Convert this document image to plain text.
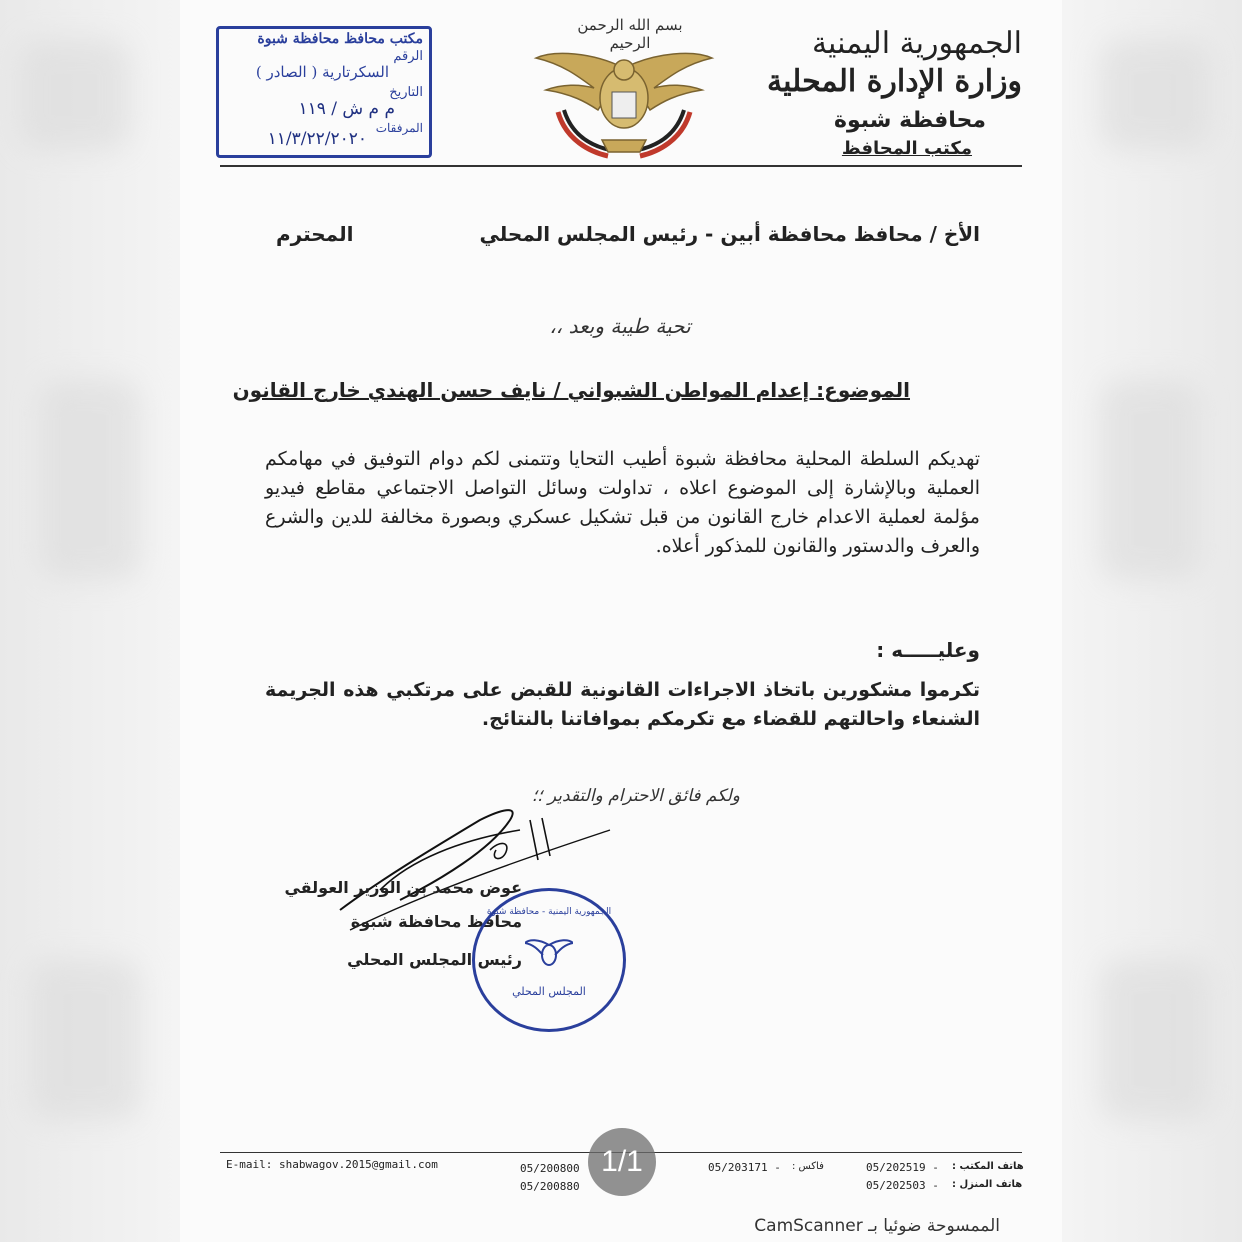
الجمهورية اليمنية
وزارة الإدارة المحلية
محافظة شبوة
مكتب المحافظ
بسم الله الرحمن الرحيم
مكتب محافظ محافظة شبوة
الرقم
السكرتارية ( الصادر )
التاريخ
م م ش / ١١٩
المرفقات
١١/٣/٢٢/٢٠٢٠
الأخ / محافظ محافظة أبين - رئيس المجلس المحلي
المحترم
تحية طيبة وبعد ،،
الموضوع: إعدام المواطن الشبواني / نايف حسن الهندي خارج القانون
تهديكم السلطة المحلية محافظة شبوة أطيب التحايا وتتمنى لكم دوام التوفيق في مهامكم العملية وبالإشارة إلى الموضوع اعلاه ، تداولت وسائل التواصل الاجتماعي مقاطع فيديو مؤلمة لعملية الاعدام خارج القانون من قبل تشكيل عسكري وبصورة مخالفة للدين والشرع والعرف والدستور والقانون للمذكور أعلاه.
وعليـــــه :
تكرموا مشكورين باتخاذ الاجراءات القانونية للقبض على مرتكبي هذه الجريمة الشنعاء واحالتهم للقضاء مع تكرمكم بموافاتنا بالنتائج.
ولكم فائق الاحترام والتقدير ؛؛
عوض محمد بن الوزير العولقي
محافظ محافظة شبوة
رئيس المجلس المحلي
الجمهورية اليمنية - محافظة شبوة
المجلس المحلي
E-mail: shabwagov.2015@gmail.com	05/200800
05/200880
05/203171 - فاكس :	05/202519 - هاتف المكتب :
05/202503 - هاتف المنزل :
الممسوحة ضوئيا بـ CamScanner
1/1
